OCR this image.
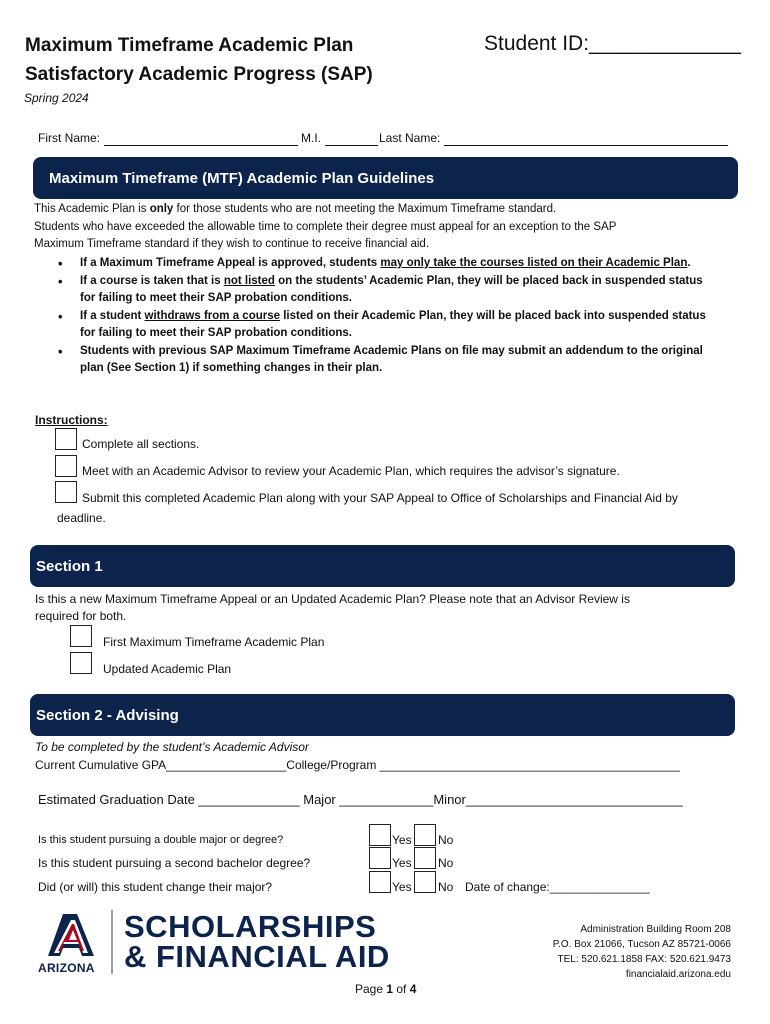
Maximum Timeframe Academic Plan
Satisfactory Academic Progress (SAP)
Student ID:_____________
Spring 2024
First Name:	M.I.	Last Name:
Maximum Timeframe (MTF) Academic Plan Guidelines
This Academic Plan is only for those students who are not meeting the Maximum Timeframe standard.
Students who have exceeded the allowable time to complete their degree must appeal for an exception to the SAP
Maximum Timeframe standard if they wish to continue to receive financial aid.
• If a Maximum Timeframe Appeal is approved, students may only take the courses listed on their Academic Plan.
• If a course is taken that is not listed on the students’ Academic Plan, they will be placed back in suspended status for failing to meet their SAP probation conditions.
• If a student withdraws from a course listed on their Academic Plan, they will be placed back into suspended status for failing to meet their SAP probation conditions.
• Students with previous SAP Maximum Timeframe Academic Plans on file may submit an addendum to the original plan (See Section 1) if something changes in their plan.
Instructions:
Complete all sections.
Meet with an Academic Advisor to review your Academic Plan, which requires the advisor’s signature.
Submit this completed Academic Plan along with your SAP Appeal to Office of Scholarships and Financial Aid by
deadline.
Section 1
Is this a new Maximum Timeframe Appeal or an Updated Academic Plan? Please note that an Advisor Review is
required for both.
First Maximum Timeframe Academic Plan
Updated Academic Plan
Section 2 - Advising
To be completed by the student’s Academic Advisor
Current Cumulative GPA__________________College/Program _____________________________________________
Estimated Graduation Date ______________ Major _____________Minor______________________________
Is this student pursuing a double major or degree?
Is this student pursuing a second bachelor degree?
Did (or will) this student change their major?
Yes No
Yes No
Yes No Date of change:_______________
ARIZONA
SCHOLARSHIPS
& FINANCIAL AID
Administration Building Room 208
P.O. Box 21066, Tucson AZ 85721-0066
TEL: 520.621.1858 FAX: 520.621.9473
financialaid.arizona.edu
Page 1 of 4
